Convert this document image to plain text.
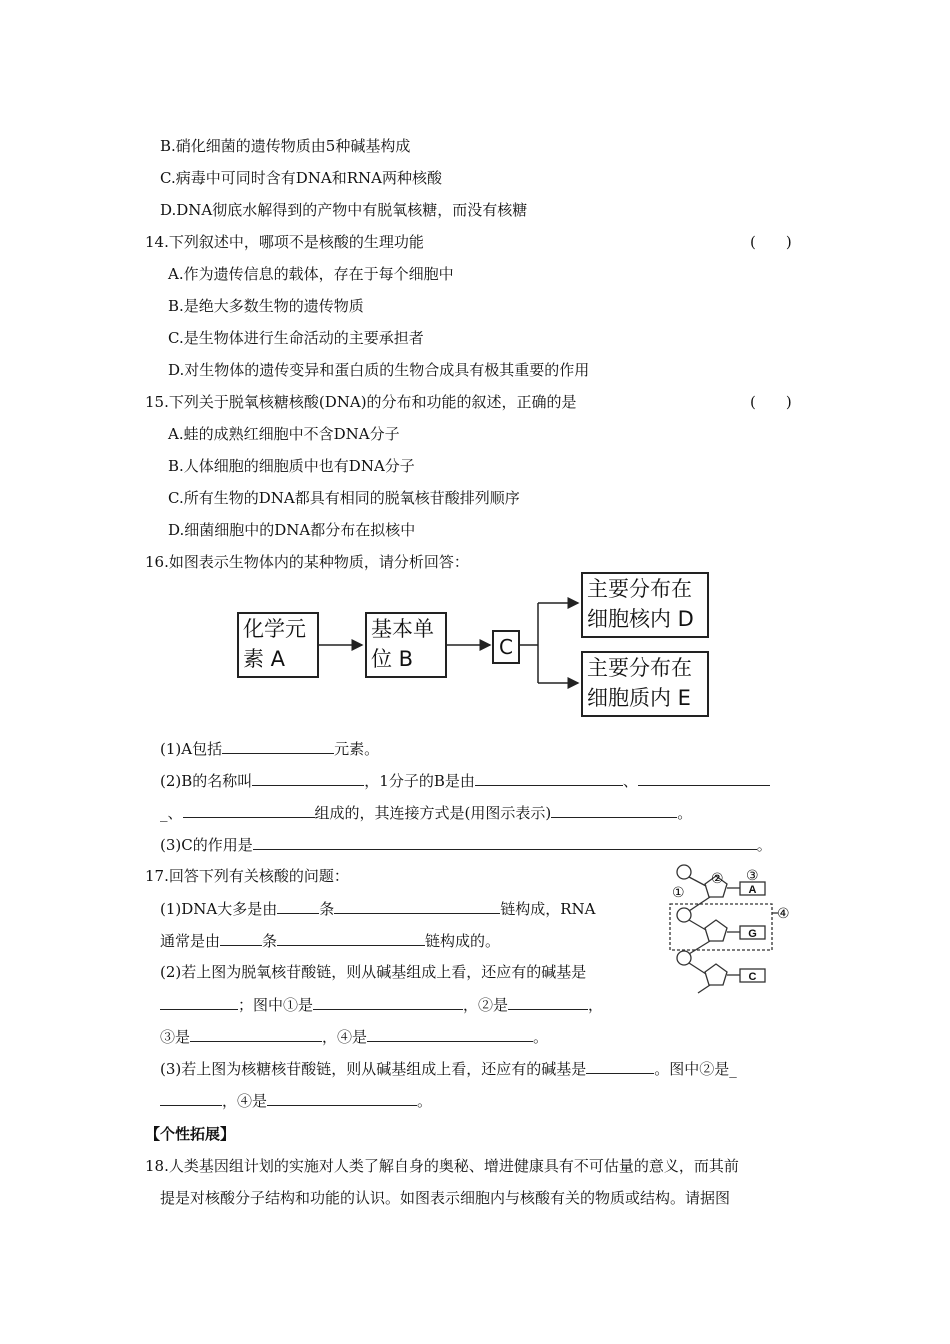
B.硝化细菌的遗传物质由5种碱基构成
C.病毒中可同时含有DNA和RNA两种核酸
D.DNA彻底水解得到的产物中有脱氧核糖，而没有核糖
14.下列叙述中，哪项不是核酸的生理功能	(　　)
A.作为遗传信息的载体，存在于每个细胞中
B.是绝大多数生物的遗传物质
C.是生物体进行生命活动的主要承担者
D.对生物体的遗传变异和蛋白质的生物合成具有极其重要的作用
15.下列关于脱氧核糖核酸(DNA)的分布和功能的叙述，正确的是	(　　)
A.蛙的成熟红细胞中不含DNA分子
B.人体细胞的细胞质中也有DNA分子
C.所有生物的DNA都具有相同的脱氧核苷酸排列顺序
D.细菌细胞中的DNA都分布在拟核中
16.如图表示生物体内的某种物质，请分析回答：
化学元
素 A
基本单
位 B	C
主要分布在
细胞核内 D
主要分布在
细胞质内 E
(1)A包括	元素。
(2)B的名称叫	，1分子的B是由	、
_、	组成的，其连接方式是(用图示表示)	。
(3)C的作用是	。
17.回答下列有关核酸的问题：
(1)DNA大多是由	条	链构成，RNA
通常是由	条	链构成的。
(2)若上图为脱氧核苷酸链，则从碱基组成上看，还应有的碱基是
；图中①是	，②是	，
③是	，④是	。
(3)若上图为核糖核苷酸链，则从碱基组成上看，还应有的碱基是	。图中②是_
，④是	。
A
G
C
①
② ③
④
【个性拓展】
18.人类基因组计划的实施对人类了解自身的奥秘、增进健康具有不可估量的意义，而其前
提是对核酸分子结构和功能的认识。如图表示细胞内与核酸有关的物质或结构。请据图
